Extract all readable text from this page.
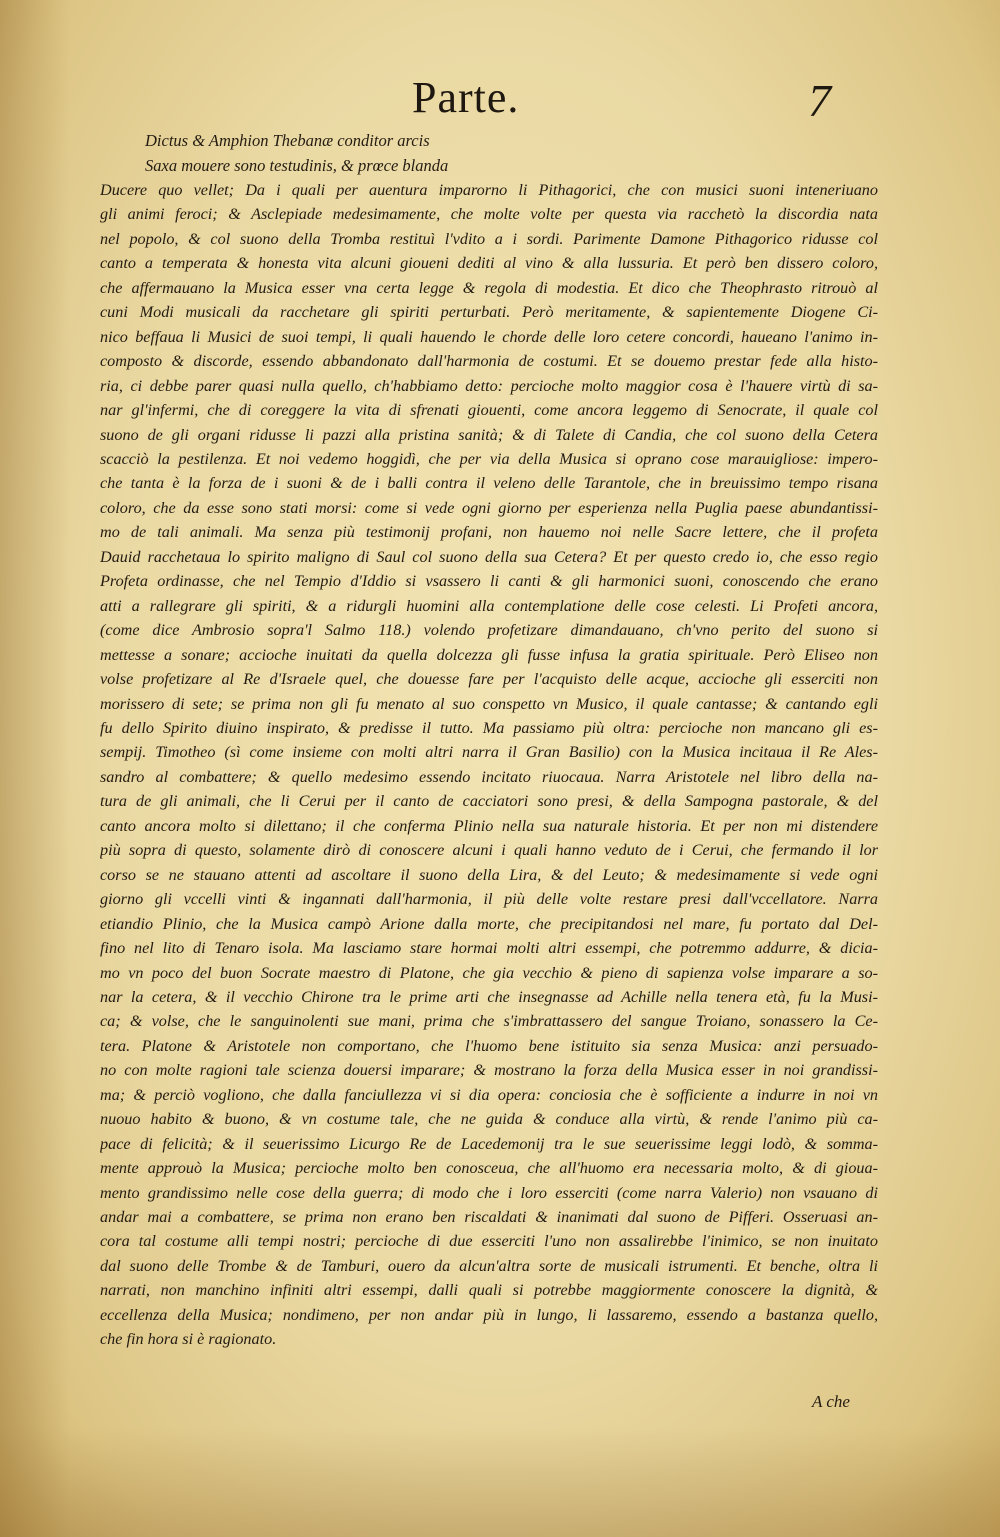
Parte.	7
Dictus & Amphion Thebanæ conditor arcis
Saxa mouere sono testudinis, & prœce blanda
Ducere quo vellet; Da i quali per auentura imparorno li Pithagorici, che con musici suoni inteneriuano
gli animi feroci; & Asclepiade medesimamente, che molte volte per questa via racchetò la discordia nata
nel popolo, & col suono della Tromba restituì l'vdito a i sordi. Parimente Damone Pithagorico ridusse col
canto a temperata & honesta vita alcuni gioueni dediti al vino & alla lussuria. Et però ben dissero coloro,
che affermauano la Musica esser vna certa legge & regola di modestia. Et dico che Theophrasto ritrouò al
cuni Modi musicali da racchetare gli spiriti perturbati. Però meritamente, & sapientemente Diogene Ci-
nico beffaua li Musici de suoi tempi, li quali hauendo le chorde delle loro cetere concordi, haueano l'animo in-
composto & discorde, essendo abbandonato dall'harmonia de costumi. Et se douemo prestar fede alla histo-
ria, ci debbe parer quasi nulla quello, ch'habbiamo detto: percioche molto maggior cosa è l'hauere virtù di sa-
nar gl'infermi, che di coreggere la vita di sfrenati giouenti, come ancora leggemo di Senocrate, il quale col
suono de gli organi ridusse li pazzi alla pristina sanità; & di Talete di Candia, che col suono della Cetera
scacciò la pestilenza. Et noi vedemo hoggidì, che per via della Musica si oprano cose marauigliose: impero-
che tanta è la forza de i suoni & de i balli contra il veleno delle Tarantole, che in breuissimo tempo risana
coloro, che da esse sono stati morsi: come si vede ogni giorno per esperienza nella Puglia paese abundantissi-
mo de tali animali. Ma senza più testimonij profani, non hauemo noi nelle Sacre lettere, che il profeta
Dauid racchetaua lo spirito maligno di Saul col suono della sua Cetera? Et per questo credo io, che esso regio
Profeta ordinasse, che nel Tempio d'Iddio si vsassero li canti & gli harmonici suoni, conoscendo che erano
atti a rallegrare gli spiriti, & a ridurgli huomini alla contemplatione delle cose celesti. Li Profeti ancora,
(come dice Ambrosio sopra'l Salmo 118.) volendo profetizare dimandauano, ch'vno perito del suono si
mettesse a sonare; accioche inuitati da quella dolcezza gli fusse infusa la gratia spirituale. Però Eliseo non
volse profetizare al Re d'Israele quel, che douesse fare per l'acquisto delle acque, accioche gli esserciti non
morissero di sete; se prima non gli fu menato al suo conspetto vn Musico, il quale cantasse; & cantando egli
fu dello Spirito diuino inspirato, & predisse il tutto. Ma passiamo più oltra: percioche non mancano gli es-
sempij. Timotheo (sì come insieme con molti altri narra il Gran Basilio) con la Musica incitaua il Re Ales-
sandro al combattere; & quello medesimo essendo incitato riuocaua. Narra Aristotele nel libro della na-
tura de gli animali, che li Cerui per il canto de cacciatori sono presi, & della Sampogna pastorale, & del
canto ancora molto si dilettano; il che conferma Plinio nella sua naturale historia. Et per non mi distendere
più sopra di questo, solamente dirò di conoscere alcuni i quali hanno veduto de i Cerui, che fermando il lor
corso se ne stauano attenti ad ascoltare il suono della Lira, & del Leuto; & medesimamente si vede ogni
giorno gli vccelli vinti & ingannati dall'harmonia, il più delle volte restare presi dall'vccellatore. Narra
etiandio Plinio, che la Musica campò Arione dalla morte, che precipitandosi nel mare, fu portato dal Del-
fino nel lito di Tenaro isola. Ma lasciamo stare hormai molti altri essempi, che potremmo addurre, & dicia-
mo vn poco del buon Socrate maestro di Platone, che gia vecchio & pieno di sapienza volse imparare a so-
nar la cetera, & il vecchio Chirone tra le prime arti che insegnasse ad Achille nella tenera età, fu la Musi-
ca; & volse, che le sanguinolenti sue mani, prima che s'imbrattassero del sangue Troiano, sonassero la Ce-
tera. Platone & Aristotele non comportano, che l'huomo bene istituito sia senza Musica: anzi persuado-
no con molte ragioni tale scienza douersi imparare; & mostrano la forza della Musica esser in noi grandissi-
ma; & perciò vogliono, che dalla fanciullezza vi si dia opera: conciosia che è sofficiente a indurre in noi vn
nuouo habito & buono, & vn costume tale, che ne guida & conduce alla virtù, & rende l'animo più ca-
pace di felicità; & il seuerissimo Licurgo Re de Lacedemonij tra le sue seuerissime leggi lodò, & somma-
mente approuò la Musica; percioche molto ben conosceua, che all'huomo era necessaria molto, & di gioua-
mento grandissimo nelle cose della guerra; di modo che i loro esserciti (come narra Valerio) non vsauano di
andar mai a combattere, se prima non erano ben riscaldati & inanimati dal suono de Pifferi. Osseruasi an-
cora tal costume alli tempi nostri; percioche di due esserciti l'uno non assalirebbe l'inimico, se non inuitato
dal suono delle Trombe & de Tamburi, ouero da alcun'altra sorte de musicali istrumenti. Et benche, oltra li
narrati, non manchino infiniti altri essempi, dalli quali si potrebbe maggiormente conoscere la dignità, &
eccellenza della Musica; nondimeno, per non andar più in lungo, li lassaremo, essendo a bastanza quello,
che fin hora si è ragionato.
A che
